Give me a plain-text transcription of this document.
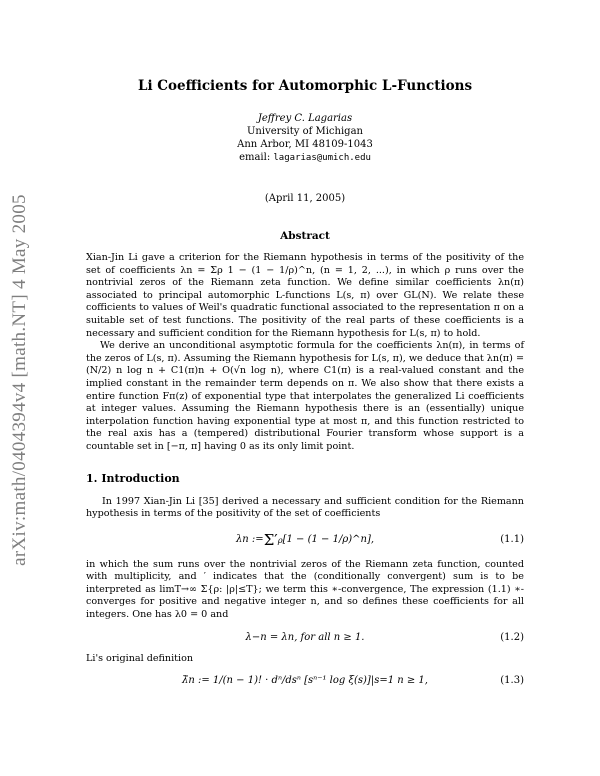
arXiv:math/0404394v4 [math.NT] 4 May 2005
Li Coefficients for Automorphic L-Functions
Jeffrey C. Lagarias
University of Michigan
Ann Arbor, MI 48109-1043
email: lagarias@umich.edu
(April 11, 2005)
Abstract

Xian-Jin Li gave a criterion for the Riemann hypothesis in terms of the positivity of the set of coefficients λn = Σρ 1 − (1 − 1/ρ)^n, (n = 1, 2, ...), in which ρ runs over the nontrivial zeros of the Riemann zeta function. We define similar coefficients λn(π) associated to principal automorphic L-functions L(s, π) over GL(N). We relate these cofficients to values of Weil's quadratic functional associated to the representation π on a suitable set of test functions. The positivity of the real parts of these coefficients is a necessary and sufficient condition for the Riemann hypothesis for L(s, π) to hold.

We derive an unconditional asymptotic formula for the coefficients λn(π), in terms of the zeros of L(s, π). Assuming the Riemann hypothesis for L(s, π), we deduce that λn(π) = (N/2) n log n + C1(π)n + O(√n log n), where C1(π) is a real-valued constant and the implied constant in the remainder term depends on π. We also show that there exists a entire function Fπ(z) of exponential type that interpolates the generalized Li coefficients at integer values. Assuming the Riemann hypothesis there is an (essentially) unique interpolation function having exponential type at most π, and this function restricted to the real axis has a (tempered) distributional Fourier transform whose support is a countable set in [−π, π] having 0 as its only limit point.

1. Introduction

In 1997 Xian-Jin Li [35] derived a necessary and sufficient condition for the Riemann hypothesis in terms of the positivity of the set of coefficients

λn := Σ′ ρ [1 − (1 − 1/ρ)^n],	(1.1)

in which the sum runs over the nontrivial zeros of the Riemann zeta function, counted with multiplicity, and ′ indicates that the (conditionally convergent) sum is to be interpreted as limT→∞ Σ{ρ: |ρ|≤T}; we term this ∗-convergence, The expression (1.1) ∗-converges for positive and negative integer n, and so defines these coefficients for all integers. One has λ0 = 0 and

λ−n = λn, for all n ≥ 1.	(1.2)

Li's original definition

λ̃n := 1/(n − 1)! · dⁿ/dsⁿ [sⁿ⁻¹ log ξ(s)]|s=1 n ≥ 1,	(1.3)
